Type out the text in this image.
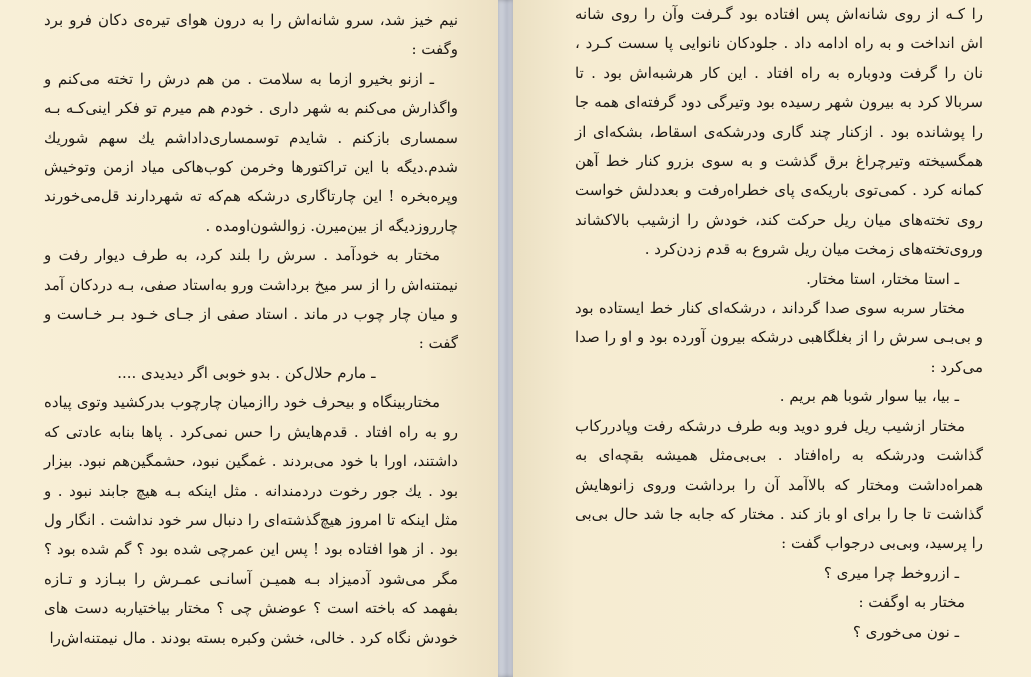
نیم خیز شد، سرو شانه‌اش را به درون هوای تیره‌ی دکان فرو برد وگفت :

ـ ازنو بخیرو ازما به سلامت . من هم درش را تخته می‌کنم و واگذارش می‌کنم به شهر داری . خودم هم میرم تو فکر اینی‌کـه بـه سمساری بازکنم . شایدم توسمساری‌داداشم یك سهم شوریك شدم.دیگه با این تراکتورها وخرمن کوب‌هاکی میاد ازمن وتوخیش وپره‌بخره ! این چارتاگاری درشکه هم‌که ته شهردارند قل‌می‌خورند چارروزدیگه از بین‌میرن. زوالشون‌اومده .

مختار به خودآمد . سرش را بلند کرد، به طرف دیوار رفت و نیمتنه‌اش را از سر میخ برداشت ورو به‌استاد صفی، بـه دردکان آمد و میان چار چوب در ماند . استاد صفی از جـای خـود بـر خـاست و گفت :

ـ مارم حلال‌کن . بدو خوبی اگر دیدیدی ....

مختاربینگاه و بیحرف خود راازمیان چارچوب بدرکشید وتوی پیاده رو به راه افتاد . قدم‌هایش را حس نمی‌کرد . پاها بنابه عادتی که داشتند، اورا با خود می‌بردند . غمگین نبود، حشمگین‌هم نبود. بیزار بود . یك جور رخوت دردمندانه . مثل اینکه بـه هیچ جابند نبود . و مثل اینکه تا امروز هیچ‌گذشته‌ای را دنبال سر خود نداشت . انگار ول بود . از هوا افتاده بود ! پس این عمرچی شده بود ؟ گم شده بود ؟ مگر می‌شود آدمیزاد بـه همیـن آسانـی عمـرش را ببـازد و تـازه بفهمد که باخته است ؟ عوضش چی ؟ مختار بیاختیاربه دست های خودش نگاه کرد . خالی، خشن وکبره بسته بودند . مال نیمتنه‌اش‌را

را کـه از روی شانه‌اش پس افتاده بود گـرفت وآن را روی شانه اش انداخت و به راه ادامه داد . جلودکان نانوایی پا سست کـرد ، نان را گرفت ودوباره به راه افتاد . این کار هرشبه‌اش بود . تا سربالا کرد به بیرون شهر رسیده بود وتیرگی دود گرفته‌ای همه جا را پوشانده بود . ازکنار چند گاری ودرشکه‌ی اسقاط، بشکه‌ای از همگسیخته وتیرچراغ برق گذشت و به سوی بزرو کنار خط آهن کمانه کرد . کمی‌توی باریکه‌ی پای خطراه‌رفت و بعددلش خواست روی تخته‌های میان ریل حرکت کند، خودش را ازشیب بالاکشاند وروی‌تخته‌های زمخت میان ریل شروع به قدم زدن‌کرد .

ـ استا مختار، استا مختار.

مختار سربه سوی صدا گرداند ، درشکه‌ای کنار خط ایستاده بود و بی‌بـی سرش را از بغلگاهبی درشکه بیرون آورده بود و او را صدا می‌کرد :

ـ بیا، بیا سوار شوبا هم بریم .

مختار ازشیب ریل فرو دوید وبه طرف درشکه رفت وپادرركاب گذاشت ودرشکه به راه‌افتاد . بی‌بی‌مثل همیشه بقچه‌ای به همراه‌داشت ومختار که بالاآمد آن را برداشت وروی زانوهایش گذاشت تا جا را برای او باز کند . مختار که جابه جا شد حال بی‌بی را پرسید، وبی‌بی درجواب گفت :

ـ ازروخط چرا میری ؟

مختار به اوگفت :

ـ نون می‌خوری ؟
